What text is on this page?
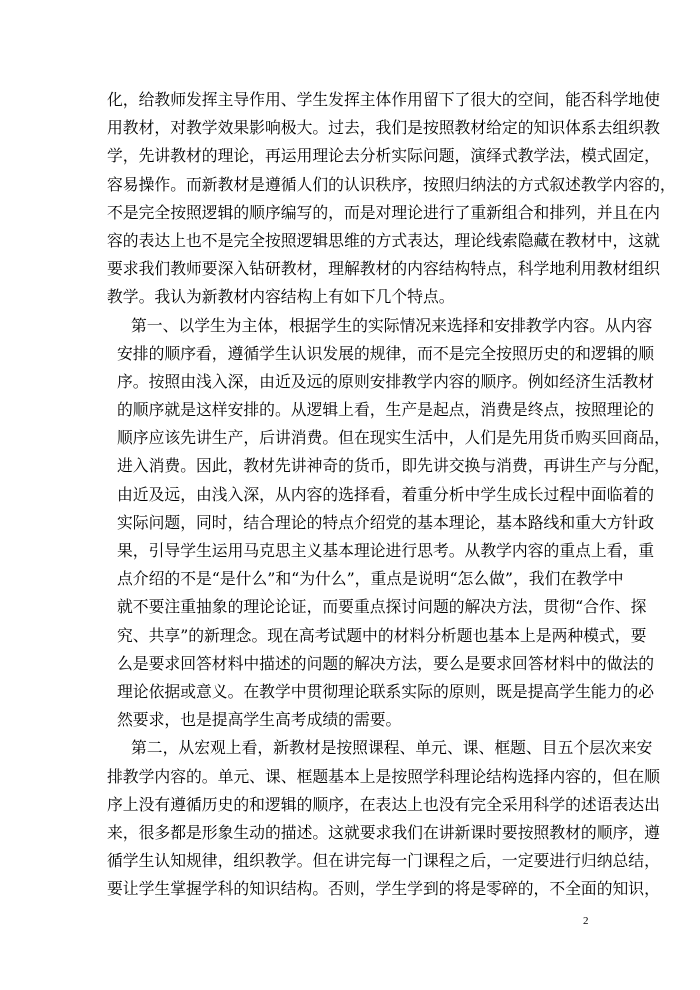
化，给教师发挥主导作用、学生发挥主体作用留下了很大的空间，能否科学地使
用教材，对教学效果影响极大。过去，我们是按照教材给定的知识体系去组织教
学，先讲教材的理论，再运用理论去分析实际问题，演绎式教学法，模式固定，
容易操作。而新教材是遵循人们的认识秩序，按照归纳法的方式叙述教学内容的，
不是完全按照逻辑的顺序编写的，而是对理论进行了重新组合和排列，并且在内
容的表达上也不是完全按照逻辑思维的方式表达，理论线索隐藏在教材中，这就
要求我们教师要深入钻研教材，理解教材的内容结构特点，科学地利用教材组织
教学。我认为新教材内容结构上有如下几个特点。
第一、以学生为主体，根据学生的实际情况来选择和安排教学内容。从内容
安排的顺序看，遵循学生认识发展的规律，而不是完全按照历史的和逻辑的顺
序。按照由浅入深，由近及远的原则安排教学内容的顺序。例如经济生活教材
的顺序就是这样安排的。从逻辑上看，生产是起点，消费是终点，按照理论的
顺序应该先讲生产，后讲消费。但在现实生活中，人们是先用货币购买回商品，
进入消费。因此，教材先讲神奇的货币，即先讲交换与消费，再讲生产与分配，
由近及远，由浅入深，从内容的选择看，着重分析中学生成长过程中面临着的
实际问题，同时，结合理论的特点介绍党的基本理论，基本路线和重大方针政
果，引导学生运用马克思主义基本理论进行思考。从教学内容的重点上看，重
点介绍的不是“是什么”和“为什么”，重点是说明“怎么做”，我们在教学中
就不要注重抽象的理论论证，而要重点探讨问题的解决方法，贯彻“合作、探
究、共享”的新理念。现在高考试题中的材料分析题也基本上是两种模式，要
么是要求回答材料中描述的问题的解决方法，要么是要求回答材料中的做法的
理论依据或意义。在教学中贯彻理论联系实际的原则，既是提高学生能力的必
然要求，也是提高学生高考成绩的需要。
第二，从宏观上看，新教材是按照课程、单元、课、框题、目五个层次来安
排教学内容的。单元、课、框题基本上是按照学科理论结构选择内容的，但在顺
序上没有遵循历史的和逻辑的顺序，在表达上也没有完全采用科学的述语表达出
来，很多都是形象生动的描述。这就要求我们在讲新课时要按照教材的顺序，遵
循学生认知规律，组织教学。但在讲完每一门课程之后，一定要进行归纳总结，
要让学生掌握学科的知识结构。否则，学生学到的将是零碎的，不全面的知识，
2
